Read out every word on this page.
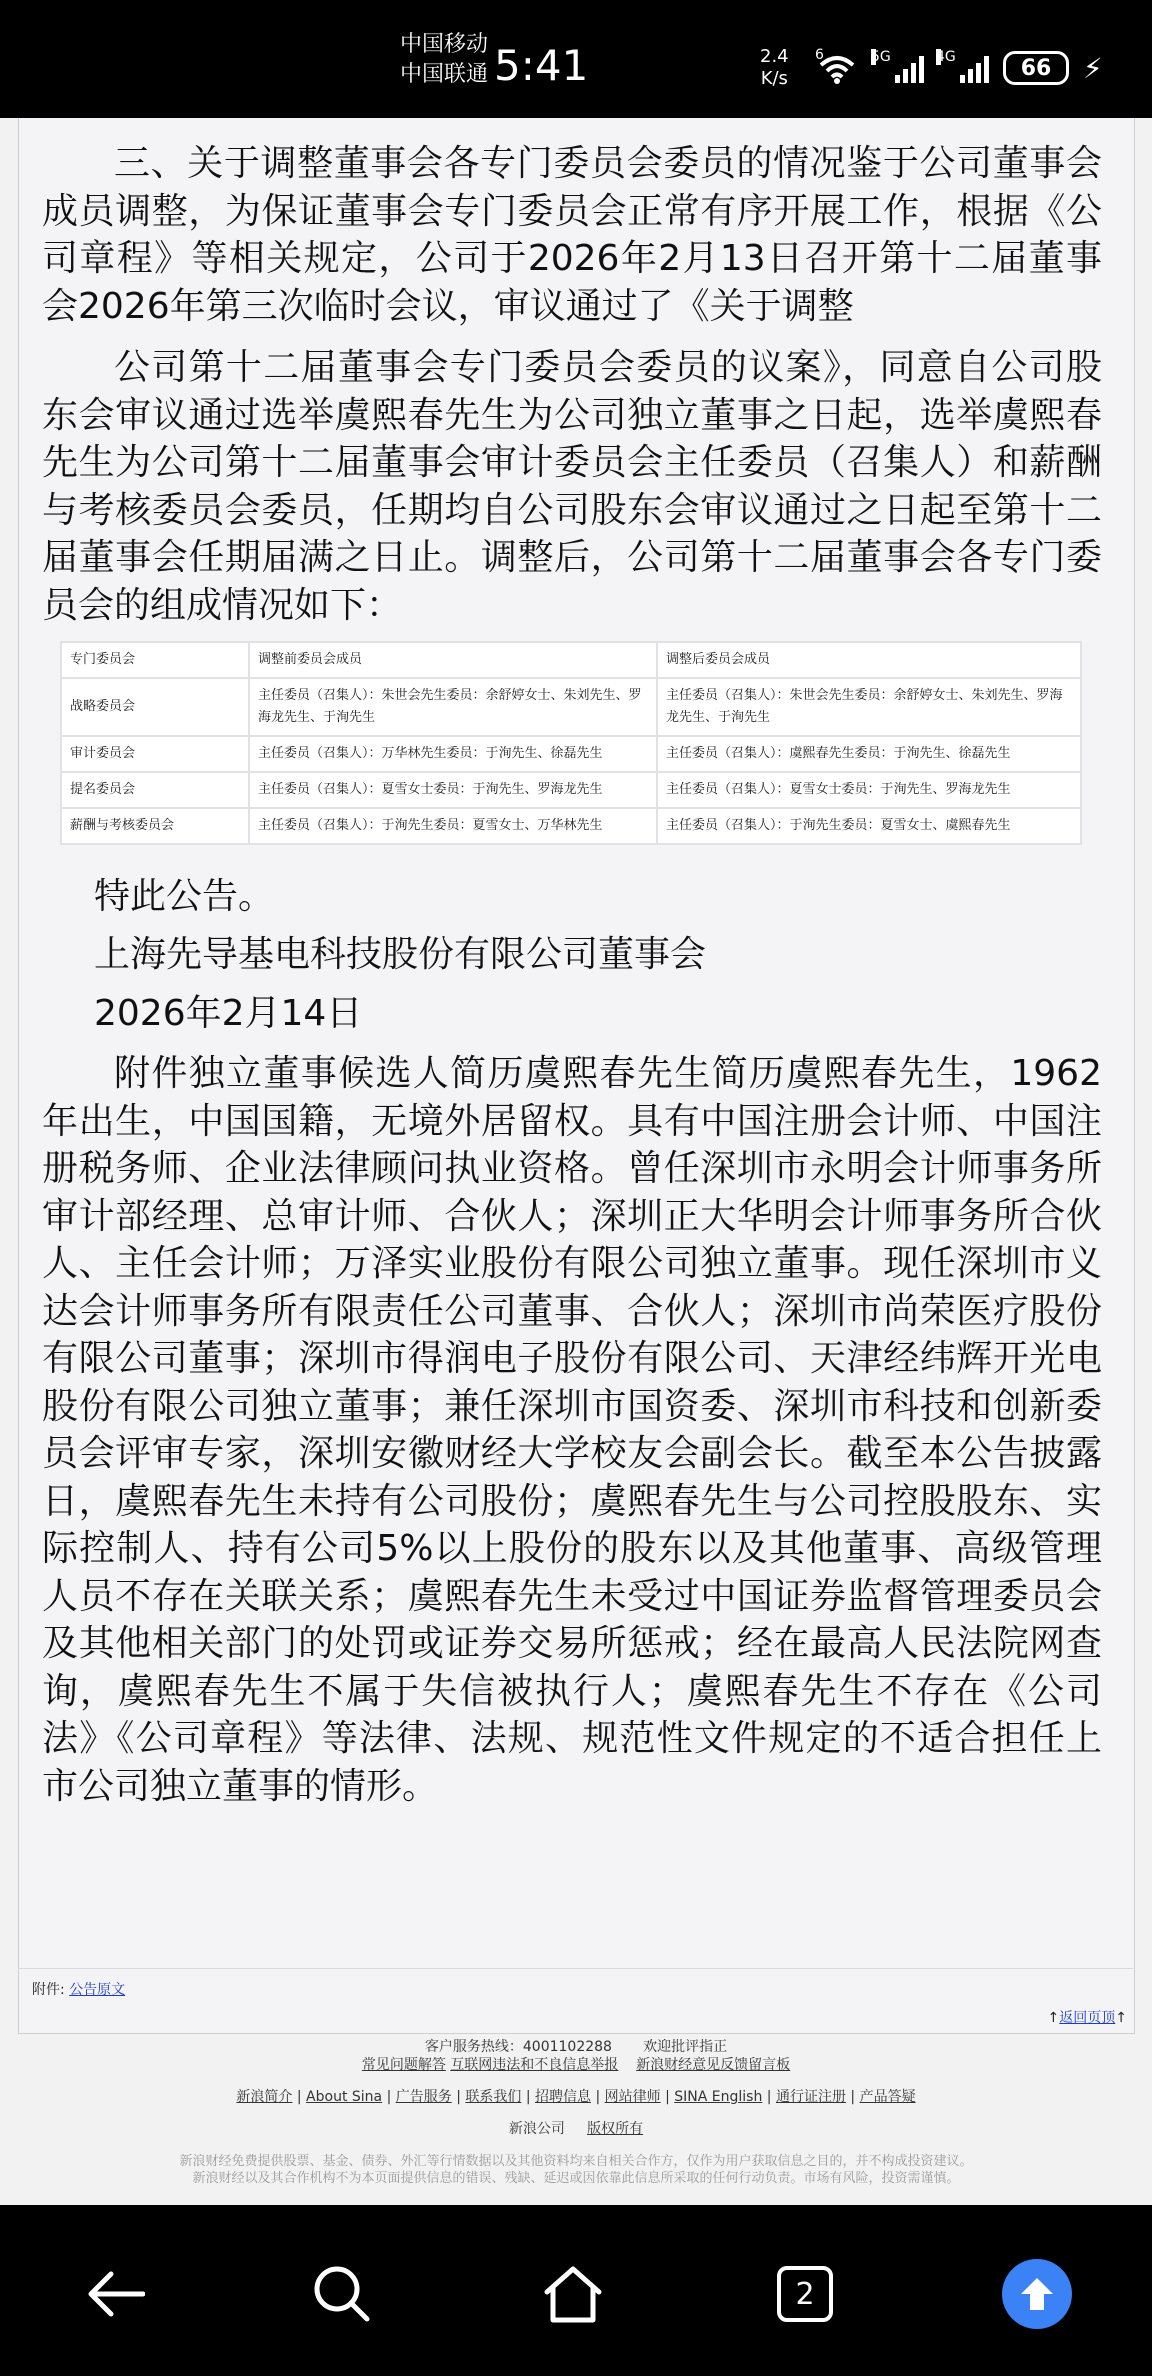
中国移动
中国联通 5:41	2.4
K/s
6	5G	4G	66 ⚡

三、关于调整董事会各专门委员会委员的情况鉴于公司董事会成员调整，为保证董事会专门委员会正常有序开展工作，根据《公司章程》等相关规定，公司于2026年2月13日召开第十二届董事会2026年第三次临时会议，审议通过了《关于调整

公司第十二届董事会专门委员会委员的议案》，同意自公司股东会审议通过选举虞熙春先生为公司独立董事之日起，选举虞熙春先生为公司第十二届董事会审计委员会主任委员（召集人）和薪酬与考核委员会委员，任期均自公司股东会审议通过之日起至第十二届董事会任期届满之日止。调整后，公司第十二届董事会各专门委员会的组成情况如下：

专门委员会	调整前委员会成员	调整后委员会成员
战略委员会	主任委员（召集人）：朱世会先生委员：余舒婷女士、朱刘先生、罗海龙先生、于洵先生	主任委员（召集人）：朱世会先生委员：余舒婷女士、朱刘先生、罗海龙先生、于洵先生
审计委员会	主任委员（召集人）：万华林先生委员：于洵先生、徐磊先生	主任委员（召集人）：虞熙春先生委员：于洵先生、徐磊先生
提名委员会	主任委员（召集人）：夏雪女士委员：于洵先生、罗海龙先生	主任委员（召集人）：夏雪女士委员：于洵先生、罗海龙先生
薪酬与考核委员会	主任委员（召集人）：于洵先生委员：夏雪女士、万华林先生	主任委员（召集人）：于洵先生委员：夏雪女士、虞熙春先生
特此公告。
上海先导基电科技股份有限公司董事会
2026年2月14日

附件独立董事候选人简历虞熙春先生简历虞熙春先生，1962年出生，中国国籍，无境外居留权。具有中国注册会计师、中国注册税务师、企业法律顾问执业资格。曾任深圳市永明会计师事务所审计部经理、总审计师、合伙人；深圳正大华明会计师事务所合伙人、主任会计师；万泽实业股份有限公司独立董事。现任深圳市义达会计师事务所有限责任公司董事、合伙人；深圳市尚荣医疗股份有限公司董事；深圳市得润电子股份有限公司、天津经纬辉开光电股份有限公司独立董事；兼任深圳市国资委、深圳市科技和创新委员会评审专家，深圳安徽财经大学校友会副会长。截至本公告披露日，虞熙春先生未持有公司股份；虞熙春先生与公司控股股东、实际控制人、持有公司5%以上股份的股东以及其他董事、高级管理人员不存在关联关系；虞熙春先生未受过中国证券监督管理委员会及其他相关部门的处罚或证券交易所惩戒；经在最高人民法院网查询，虞熙春先生不属于失信被执行人；虞熙春先生不存在《公司法》《公司章程》等法律、法规、规范性文件规定的不适合担任上市公司独立董事的情形。

附件: 公告原文
↑返回页顶↑
客户服务热线：4001102288 欢迎批评指正
常见问题解答 互联网违法和不良信息举报 新浪财经意见反馈留言板
新浪简介 | About Sina | 广告服务 | 联系我们 | 招聘信息 | 网站律师 | SINA English | 通行证注册 | 产品答疑
新浪公司 版权所有
新浪财经免费提供股票、基金、债券、外汇等行情数据以及其他资料均来自相关合作方，仅作为用户获取信息之目的，并不构成投资建议。
新浪财经以及其合作机构不为本页面提供信息的错误、残缺、延迟或因依靠此信息所采取的任何行动负责。市场有风险，投资需谨慎。
2
